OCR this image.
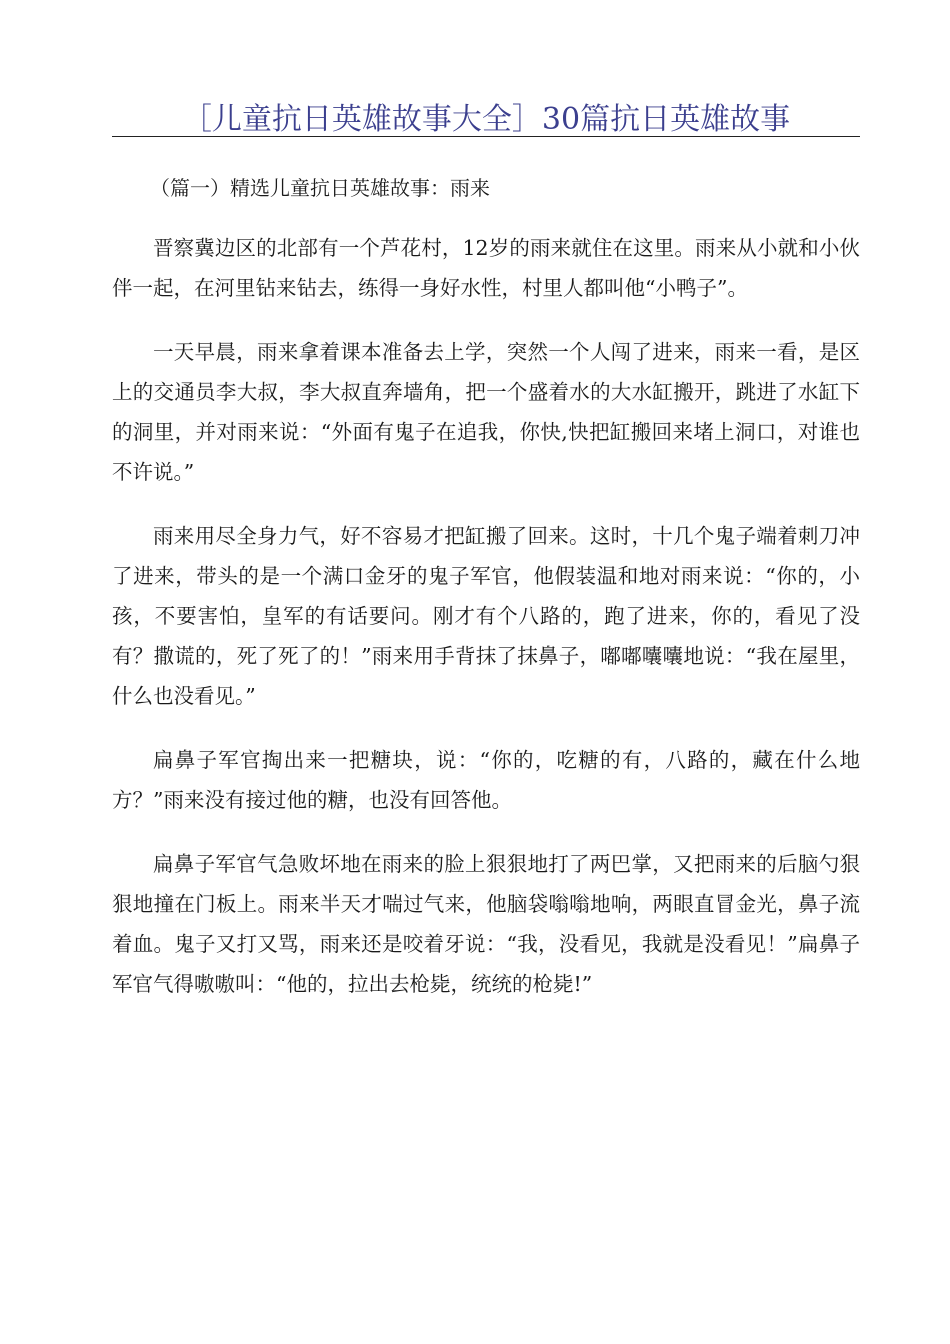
［儿童抗日英雄故事大全］30篇抗日英雄故事
（篇一）精选儿童抗日英雄故事：雨来

晋察冀边区的北部有一个芦花村，12岁的雨来就住在这里。雨来从小就和小伙伴一起，在河里钻来钻去，练得一身好水性，村里人都叫他“小鸭子”。

一天早晨，雨来拿着课本准备去上学，突然一个人闯了进来，雨来一看，是区上的交通员李大叔，李大叔直奔墙角，把一个盛着水的大水缸搬开，跳进了水缸下的洞里，并对雨来说：“外面有鬼子在追我，你快,快把缸搬回来堵上洞口，对谁也不许说。”

雨来用尽全身力气，好不容易才把缸搬了回来。这时，十几个鬼子端着刺刀冲了进来，带头的是一个满口金牙的鬼子军官，他假装温和地对雨来说：“你的，小孩，不要害怕，皇军的有话要问。刚才有个八路的，跑了进来，你的，看见了没有？撒谎的，死了死了的！”雨来用手背抹了抹鼻子，嘟嘟囔囔地说：“我在屋里，什么也没看见。”

扁鼻子军官掏出来一把糖块，说：“你的，吃糖的有，八路的，藏在什么地方？”雨来没有接过他的糖，也没有回答他。

扁鼻子军官气急败坏地在雨来的脸上狠狠地打了两巴掌，又把雨来的后脑勺狠狠地撞在门板上。雨来半天才喘过气来，他脑袋嗡嗡地响，两眼直冒金光，鼻子流着血。鬼子又打又骂，雨来还是咬着牙说：“我，没看见，我就是没看见！”扁鼻子军官气得嗷嗷叫：“他的，拉出去枪毙，统统的枪毙!”
